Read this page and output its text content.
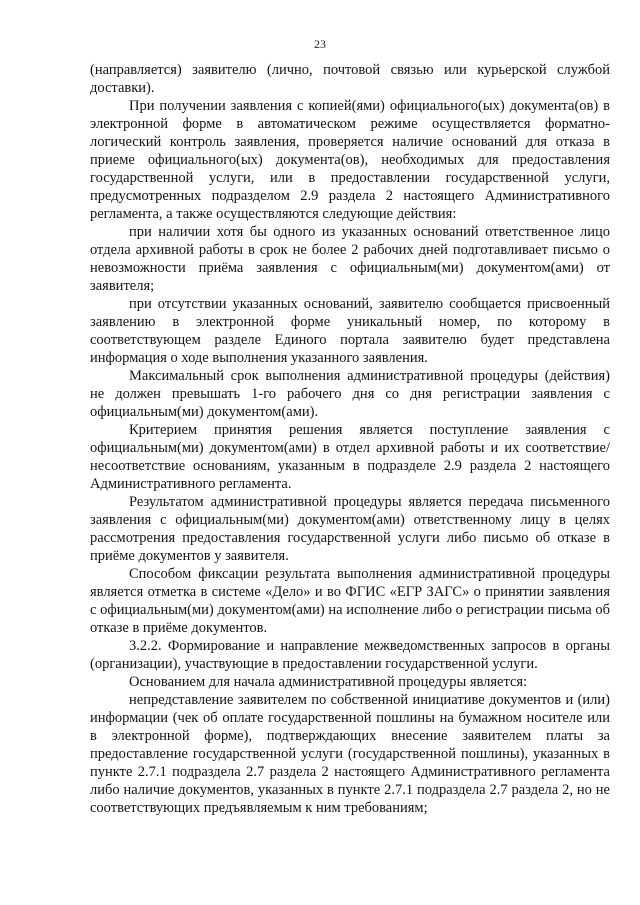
23

(направляется) заявителю (лично, почтовой связью или курьерской службой доставки).

При получении заявления с копией(ями) официального(ых) документа(ов) в электронной форме в автоматическом режиме осуществляется форматно-логический контроль заявления, проверяется наличие оснований для отказа в приеме официального(ых) документа(ов), необходимых для предоставления государственной услуги, или в предоставлении государственной услуги, предусмотренных подразделом 2.9 раздела 2 настоящего Административного регламента, а также осуществляются следующие действия:

при наличии хотя бы одного из указанных оснований ответственное лицо отдела архивной работы в срок не более 2 рабочих дней подготавливает письмо о невозможности приёма заявления с официальным(ми) документом(ами) от заявителя;

при отсутствии указанных оснований, заявителю сообщается присвоенный заявлению в электронной форме уникальный номер, по которому в соответствующем разделе Единого портала заявителю будет представлена информация о ходе выполнения указанного заявления.

Максимальный срок выполнения административной процедуры (действия) не должен превышать 1-го рабочего дня со дня регистрации заявления с официальным(ми) документом(ами).

Критерием принятия решения является поступление заявления с официальным(ми) документом(ами) в отдел архивной работы и их соответствие/несоответствие основаниям, указанным в подразделе 2.9 раздела 2 настоящего Административного регламента.

Результатом административной процедуры является передача письменного заявления с официальным(ми) документом(ами) ответственному лицу в целях рассмотрения предоставления государственной услуги либо письмо об отказе в приёме документов у заявителя.

Способом фиксации результата выполнения административной процедуры является отметка в системе «Дело» и во ФГИС «ЕГР ЗАГС» о принятии заявления с официальным(ми) документом(ами) на исполнение либо о регистрации письма об отказе в приёме документов.

3.2.2. Формирование и направление межведомственных запросов в органы (организации), участвующие в предоставлении государственной услуги.

Основанием для начала административной процедуры является:

непредставление заявителем по собственной инициативе документов и (или) информации (чек об оплате государственной пошлины на бумажном носителе или в электронной форме), подтверждающих внесение заявителем платы за предоставление государственной услуги (государственной пошлины), указанных в пункте 2.7.1 подраздела 2.7 раздела 2 настоящего Административного регламента либо наличие документов, указанных в пункте 2.7.1 подраздела 2.7 раздела 2, но не соответствующих предъявляемым к ним требованиям;
